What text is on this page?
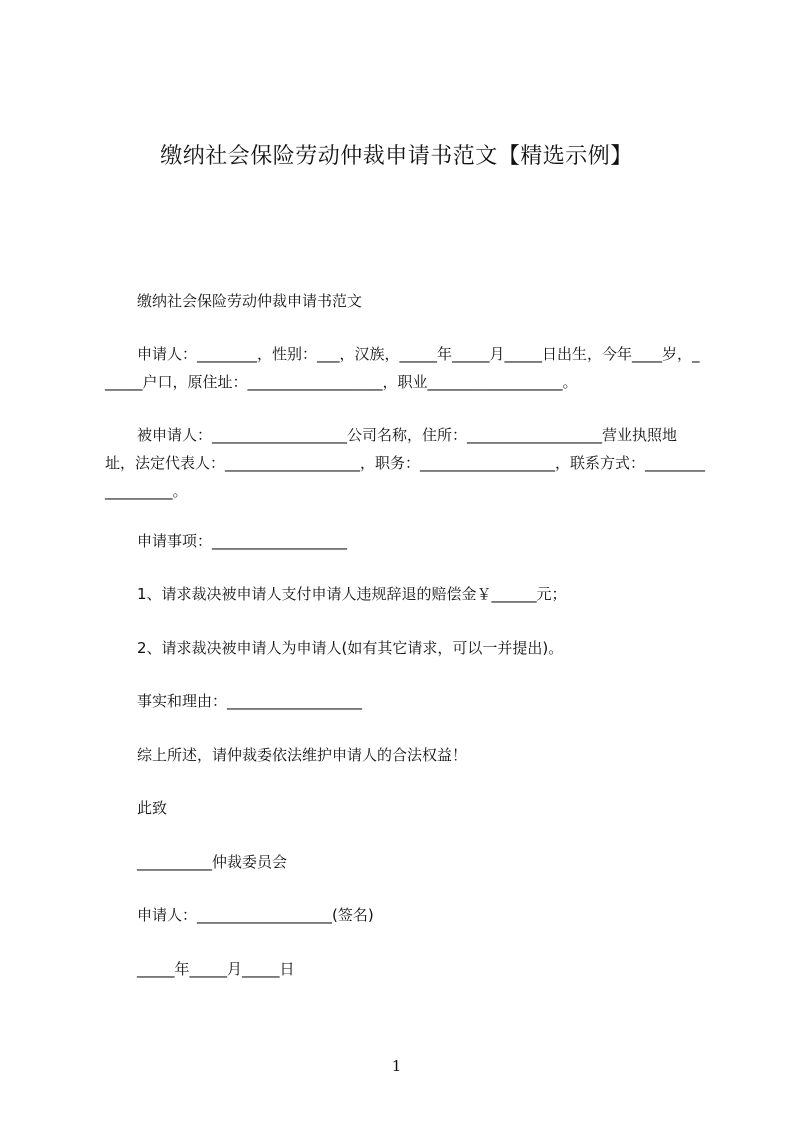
缴纳社会保险劳动仲裁申请书范文【精选示例】

缴纳社会保险劳动仲裁申请书范文

申请人：________，性别：___，汉族，_____年_____月_____日出生，今年____岁，______户口，原住址：__________________，职业__________________。

被申请人：__________________公司名称，住所：__________________营业执照地址，法定代表人：__________________，职务：__________________，联系方式：_________________。

申请事项：__________________

1、请求裁决被申请人支付申请人违规辞退的赔偿金￥______元；

2、请求裁决被申请人为申请人(如有其它请求，可以一并提出)。

事实和理由：__________________

综上所述，请仲裁委依法维护申请人的合法权益！

此致

__________仲裁委员会

申请人：__________________(签名)

_____年_____月_____日

1
